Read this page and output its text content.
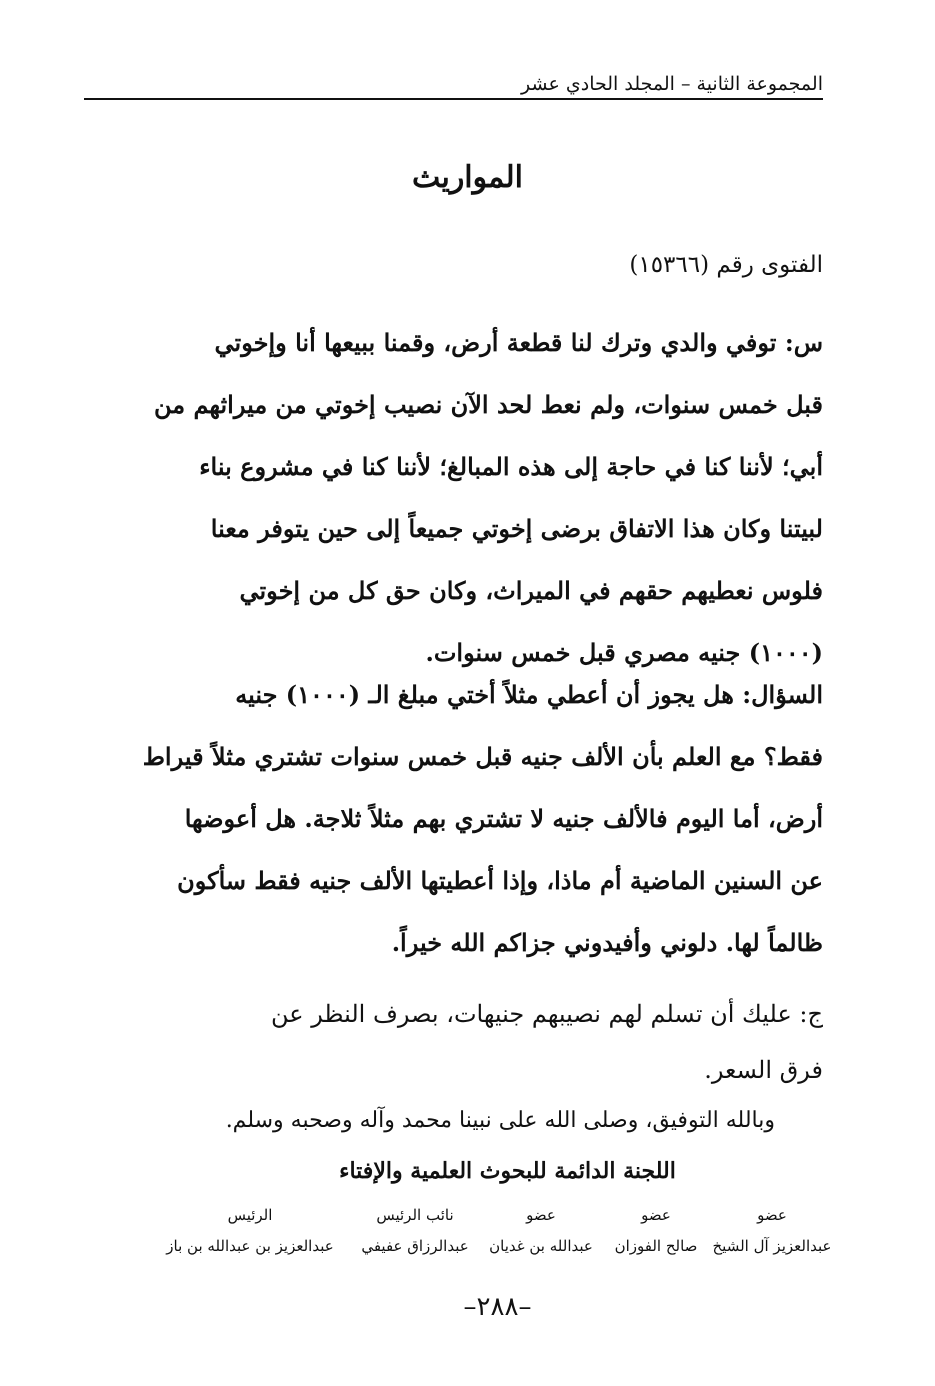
المجموعة الثانية – المجلد الحادي عشر
المواريث
الفتوى رقم (١٥٣٦٦)
س: توفي والدي وترك لنا قطعة أرض، وقمنا ببيعها أنا وإخوتي
قبل خمس سنوات، ولم نعط لحد الآن نصيب إخوتي من ميراثهم من
أبي؛ لأننا كنا في حاجة إلى هذه المبالغ؛ لأننا كنا في مشروع بناء
لبيتنا وكان هذا الاتفاق برضى إخوتي جميعاً إلى حين يتوفر معنا
فلوس نعطيهم حقهم في الميراث، وكان حق كل من إخوتي
(١٠٠٠) جنيه مصري قبل خمس سنوات.
السؤال: هل يجوز أن أعطي مثلاً أختي مبلغ الـ (١٠٠٠) جنيه
فقط؟ مع العلم بأن الألف جنيه قبل خمس سنوات تشتري مثلاً قيراط
أرض، أما اليوم فالألف جنيه لا تشتري بهم مثلاً ثلاجة. هل أعوضها
عن السنين الماضية أم ماذا، وإذا أعطيتها الألف جنيه فقط سأكون
ظالماً لها. دلوني وأفيدوني جزاكم الله خيراً.
ج: عليك أن تسلم لهم نصيبهم جنيهات، بصرف النظر عن
فرق السعر.
وبالله التوفيق، وصلى الله على نبينا محمد وآله وصحبه وسلم.
اللجنة الدائمة للبحوث العلمية والإفتاء
عضو
عبدالعزيز آل الشيخ
عضو
صالح الفوزان
عضو
عبدالله بن غديان
نائب الرئيس
عبدالرزاق عفيفي
الرئيس
عبدالعزيز بن عبدالله بن باز
–٢٨٨–
